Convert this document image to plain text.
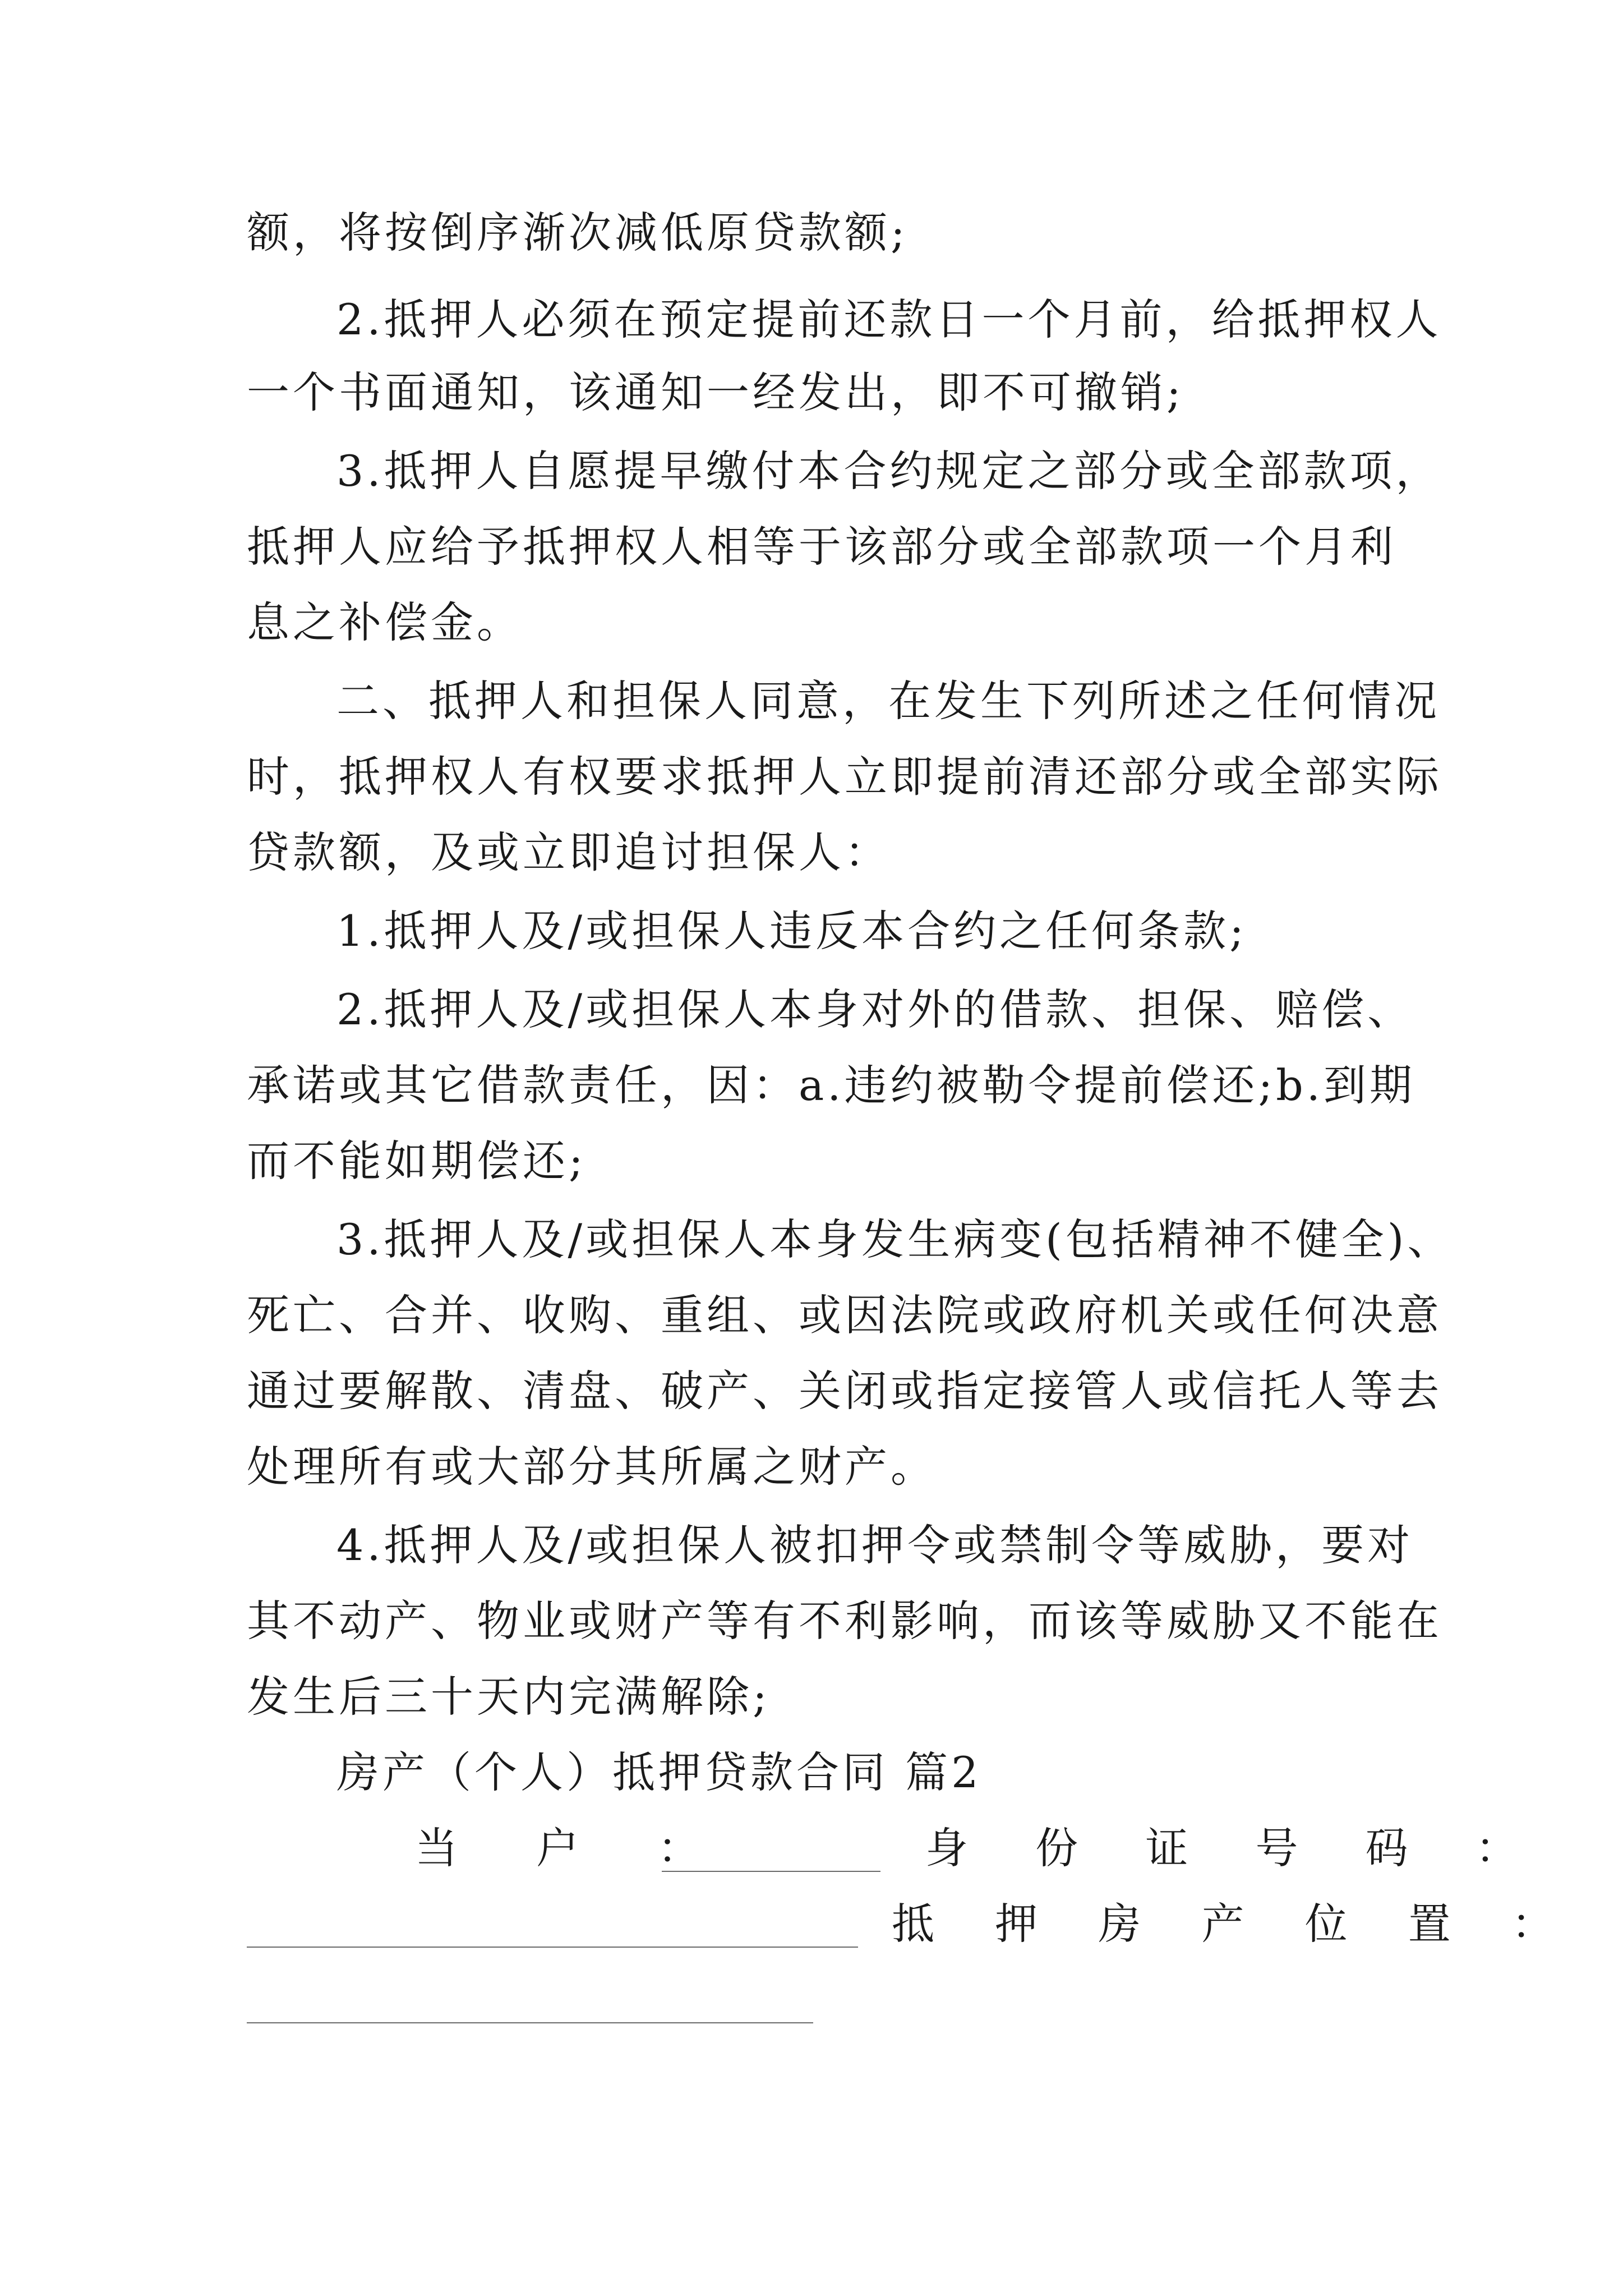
额，将按倒序渐次减低原贷款额;
2.抵押人必须在预定提前还款日一个月前，给抵押权人
一个书面通知，该通知一经发出，即不可撤销;
3.抵押人自愿提早缴付本合约规定之部分或全部款项，
抵押人应给予抵押权人相等于该部分或全部款项一个月利
息之补偿金。
二、抵押人和担保人同意，在发生下列所述之任何情况
时，抵押权人有权要求抵押人立即提前清还部分或全部实际
贷款额，及或立即追讨担保人：
1.抵押人及/或担保人违反本合约之任何条款;
2.抵押人及/或担保人本身对外的借款、担保、赔偿、
承诺或其它借款责任，因：a.违约被勒令提前偿还;b.到期
而不能如期偿还;
3.抵押人及/或担保人本身发生病变(包括精神不健全)、
死亡、合并、收购、重组、或因法院或政府机关或任何决意
通过要解散、清盘、破产、关闭或指定接管人或信托人等去
处理所有或大部分其所属之财产。
4.抵押人及/或担保人被扣押令或禁制令等威胁，要对
其不动产、物业或财产等有不利影响，而该等威胁又不能在
发生后三十天内完满解除;
房产（个人）抵押贷款合同 篇2
当 户 ：	身 份 证 号 码 ：
抵 押 房 产 位 置 ：
